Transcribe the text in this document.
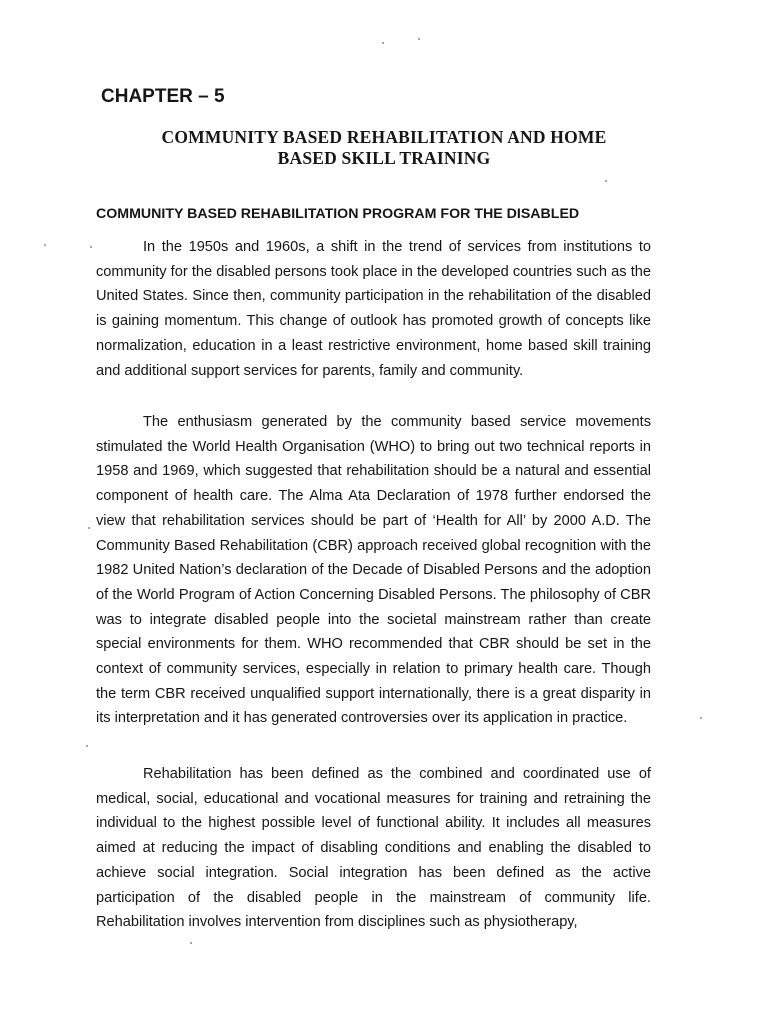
CHAPTER – 5
COMMUNITY BASED REHABILITATION AND HOME
BASED SKILL TRAINING
COMMUNITY BASED REHABILITATION PROGRAM FOR THE DISABLED

In the 1950s and 1960s, a shift in the trend of services from institutions to community for the disabled persons took place in the developed countries such as the United States. Since then, community participation in the rehabilitation of the disabled is gaining momentum. This change of outlook has promoted growth of concepts like normalization, education in a least restrictive environment, home based skill training and additional support services for parents, family and community.

The enthusiasm generated by the community based service movements stimulated the World Health Organisation (WHO) to bring out two technical reports in 1958 and 1969, which suggested that rehabilitation should be a natural and essential component of health care. The Alma Ata Declaration of 1978 further endorsed the view that rehabilitation services should be part of ‘Health for All’ by 2000 A.D. The Community Based Rehabilitation (CBR) approach received global recognition with the 1982 United Nation’s declaration of the Decade of Disabled Persons and the adoption of the World Program of Action Concerning Disabled Persons. The philosophy of CBR was to integrate disabled people into the societal mainstream rather than create special environments for them. WHO recommended that CBR should be set in the context of community services, especially in relation to primary health care. Though the term CBR received unqualified support internationally, there is a great disparity in its interpretation and it has generated controversies over its application in practice.

Rehabilitation has been defined as the combined and coordinated use of medical, social, educational and vocational measures for training and retraining the individual to the highest possible level of functional ability. It includes all measures aimed at reducing the impact of disabling conditions and enabling the disabled to achieve social integration. Social integration has been defined as the active participation of the disabled people in the mainstream of community life. Rehabilitation involves intervention from disciplines such as physiotherapy,
